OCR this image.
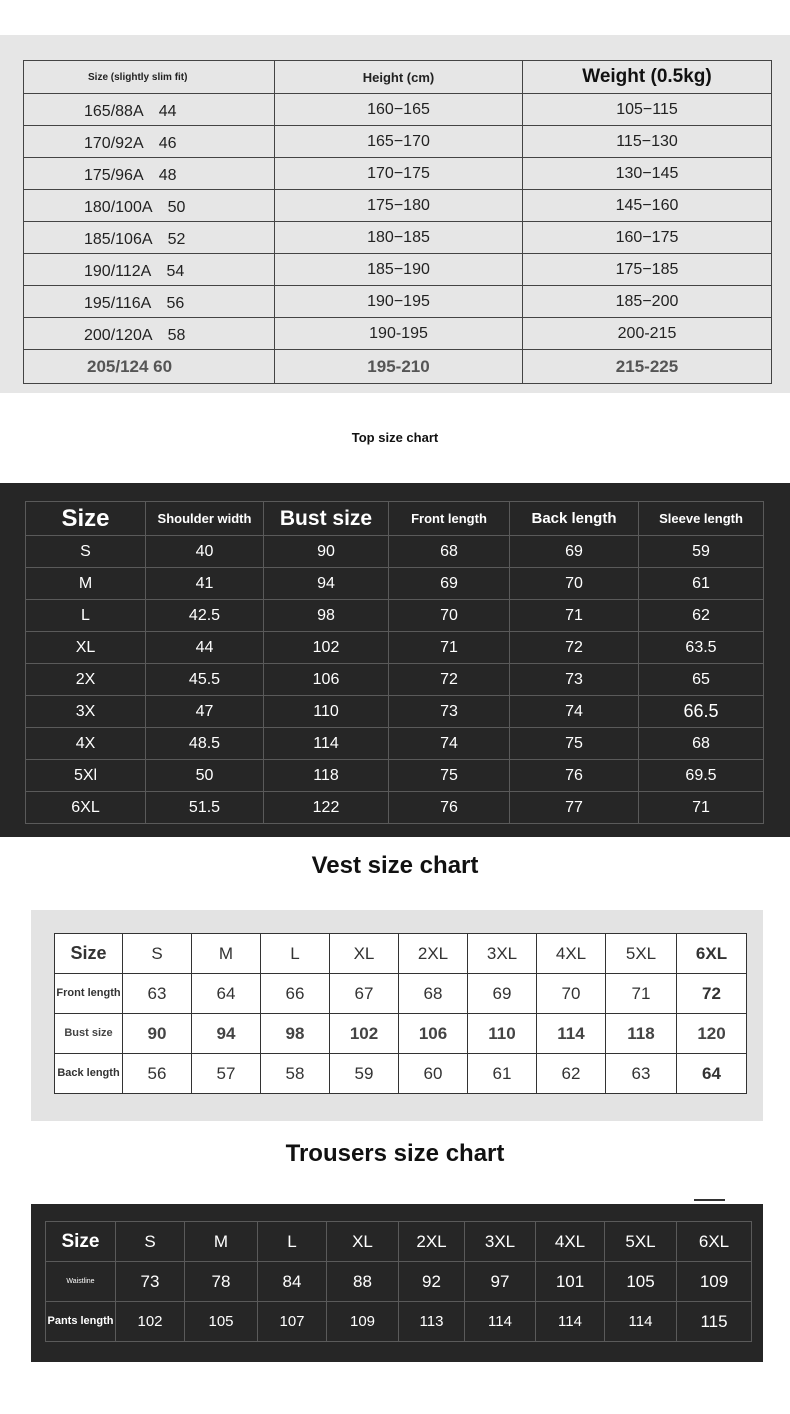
Size (slightly slim fit)	Height (cm)	Weight (0.5kg)
165/88A　44	160−165	105−115
170/92A　46	165−170	115−130
175/96A　48	170−175	130−145
180/100A　50	175−180	145−160
185/106A　52	180−185	160−175
190/112A　54	185−190	175−185
195/116A　56	190−195	185−200
200/120A　58	190-195	200-215
205/124 60	195-210	215-225
Top size chart
Size	Shoulder width	Bust size	Front length	Back length	Sleeve length
S	40	90	68	69	59
M	41	94	69	70	61
L	42.5	98	70	71	62
XL	44	102	71	72	63.5
2X	45.5	106	72	73	65
3X	47	110	73	74	66.5
4X	48.5	114	74	75	68
5Xl	50	118	75	76	69.5
6XL	51.5	122	76	77	71
Vest size chart
Size	S	M	L	XL	2XL	3XL	4XL	5XL	6XL
Front length	63	64	66	67	68	69	70	71	72
Bust size	90	94	98	102	106	110	114	118	120
Back length	56	57	58	59	60	61	62	63	64
Trousers size chart
Size	S	M	L	XL	2XL	3XL	4XL	5XL	6XL
Waistline	73	78	84	88	92	97	101	105	109
Pants length	102	105	107	109	113	114	114	114	115
